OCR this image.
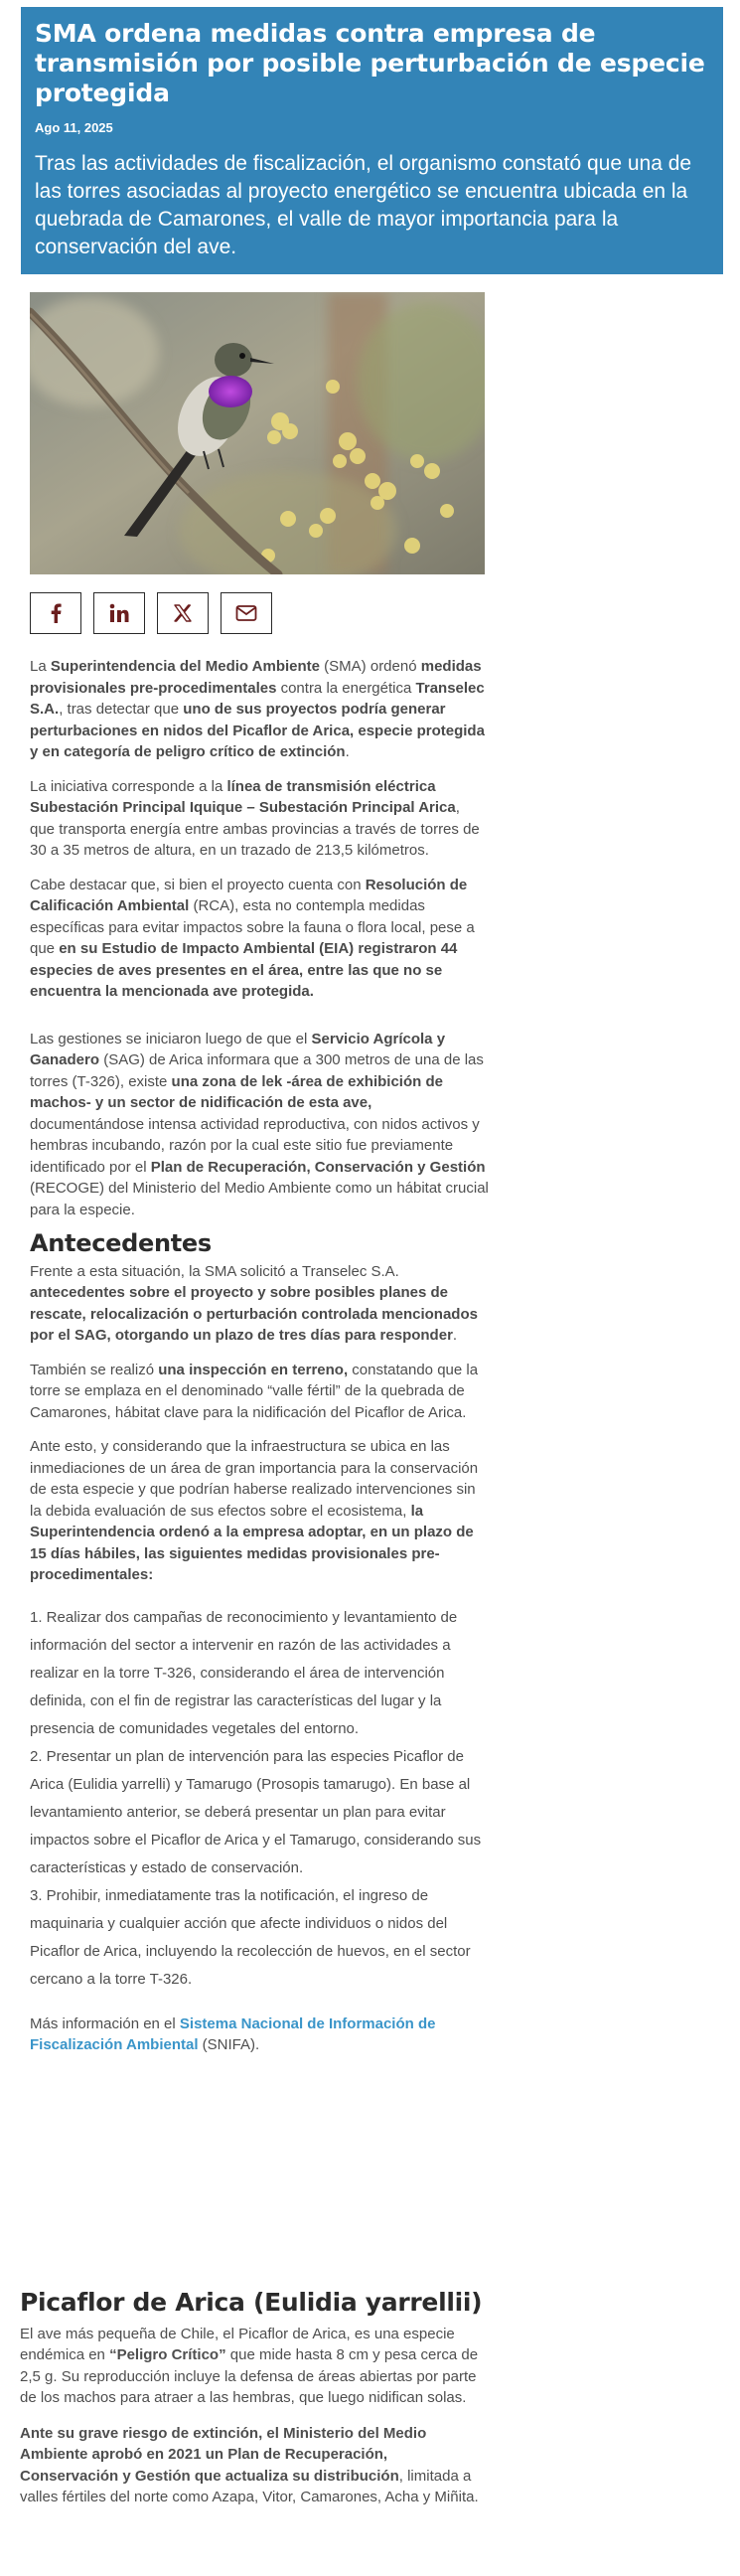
SMA ordena medidas contra empresa de transmisión por posible perturbación de especie protegida
Ago 11, 2025
Tras las actividades de fiscalización, el organismo constató que una de las torres asociadas al proyecto energético se encuentra ubicada en la quebrada de Camarones, el valle de mayor importancia para la conservación del ave.

La Superintendencia del Medio Ambiente (SMA) ordenó medidas provisionales pre-procedimentales contra la energética Transelec S.A., tras detectar que uno de sus proyectos podría generar perturbaciones en nidos del Picaflor de Arica, especie protegida y en categoría de peligro crítico de extinción.

La iniciativa corresponde a la línea de transmisión eléctrica Subestación Principal Iquique – Subestación Principal Arica, que transporta energía entre ambas provincias a través de torres de 30 a 35 metros de altura, en un trazado de 213,5 kilómetros.

Cabe destacar que, si bien el proyecto cuenta con Resolución de Calificación Ambiental (RCA), esta no contempla medidas específicas para evitar impactos sobre la fauna o flora local, pese a que en su Estudio de Impacto Ambiental (EIA) registraron 44 especies de aves presentes en el área, entre las que no se encuentra la mencionada ave protegida.

Las gestiones se iniciaron luego de que el Servicio Agrícola y Ganadero (SAG) de Arica informara que a 300 metros de una de las torres (T-326), existe una zona de lek -área de exhibición de machos- y un sector de nidificación de esta ave, documentándose intensa actividad reproductiva, con nidos activos y hembras incubando, razón por la cual este sitio fue previamente identificado por el Plan de Recuperación, Conservación y Gestión (RECOGE) del Ministerio del Medio Ambiente como un hábitat crucial para la especie.

Antecedentes

Frente a esta situación, la SMA solicitó a Transelec S.A. antecedentes sobre el proyecto y sobre posibles planes de rescate, relocalización o perturbación controlada mencionados por el SAG, otorgando un plazo de tres días para responder.

También se realizó una inspección en terreno, constatando que la torre se emplaza en el denominado “valle fértil” de la quebrada de Camarones, hábitat clave para la nidificación del Picaflor de Arica.

Ante esto, y considerando que la infraestructura se ubica en las inmediaciones de un área de gran importancia para la conservación de esta especie y que podrían haberse realizado intervenciones sin la debida evaluación de sus efectos sobre el ecosistema, la Superintendencia ordenó a la empresa adoptar, en un plazo de 15 días hábiles, las siguientes medidas provisionales pre-procedimentales:

1. Realizar dos campañas de reconocimiento y levantamiento de información del sector a intervenir en razón de las actividades a realizar en la torre T-326, considerando el área de intervención definida, con el fin de registrar las características del lugar y la presencia de comunidades vegetales del entorno.
2. Presentar un plan de intervención para las especies Picaflor de Arica (Eulidia yarrelli) y Tamarugo (Prosopis tamarugo). En base al levantamiento anterior, se deberá presentar un plan para evitar impactos sobre el Picaflor de Arica y el Tamarugo, considerando sus características y estado de conservación.
3. Prohibir, inmediatamente tras la notificación, el ingreso de maquinaria y cualquier acción que afecte individuos o nidos del Picaflor de Arica, incluyendo la recolección de huevos, en el sector cercano a la torre T-326.

Más información en el Sistema Nacional de Información de Fiscalización Ambiental (SNIFA).

Picaflor de Arica (Eulidia yarrellii)

El ave más pequeña de Chile, el Picaflor de Arica, es una especie endémica en “Peligro Crítico” que mide hasta 8 cm y pesa cerca de 2,5 g. Su reproducción incluye la defensa de áreas abiertas por parte de los machos para atraer a las hembras, que luego nidifican solas.

Ante su grave riesgo de extinción, el Ministerio del Medio Ambiente aprobó en 2021 un Plan de Recuperación, Conservación y Gestión que actualiza su distribución, limitada a valles fértiles del norte como Azapa, Vitor, Camarones, Acha y Miñita.
